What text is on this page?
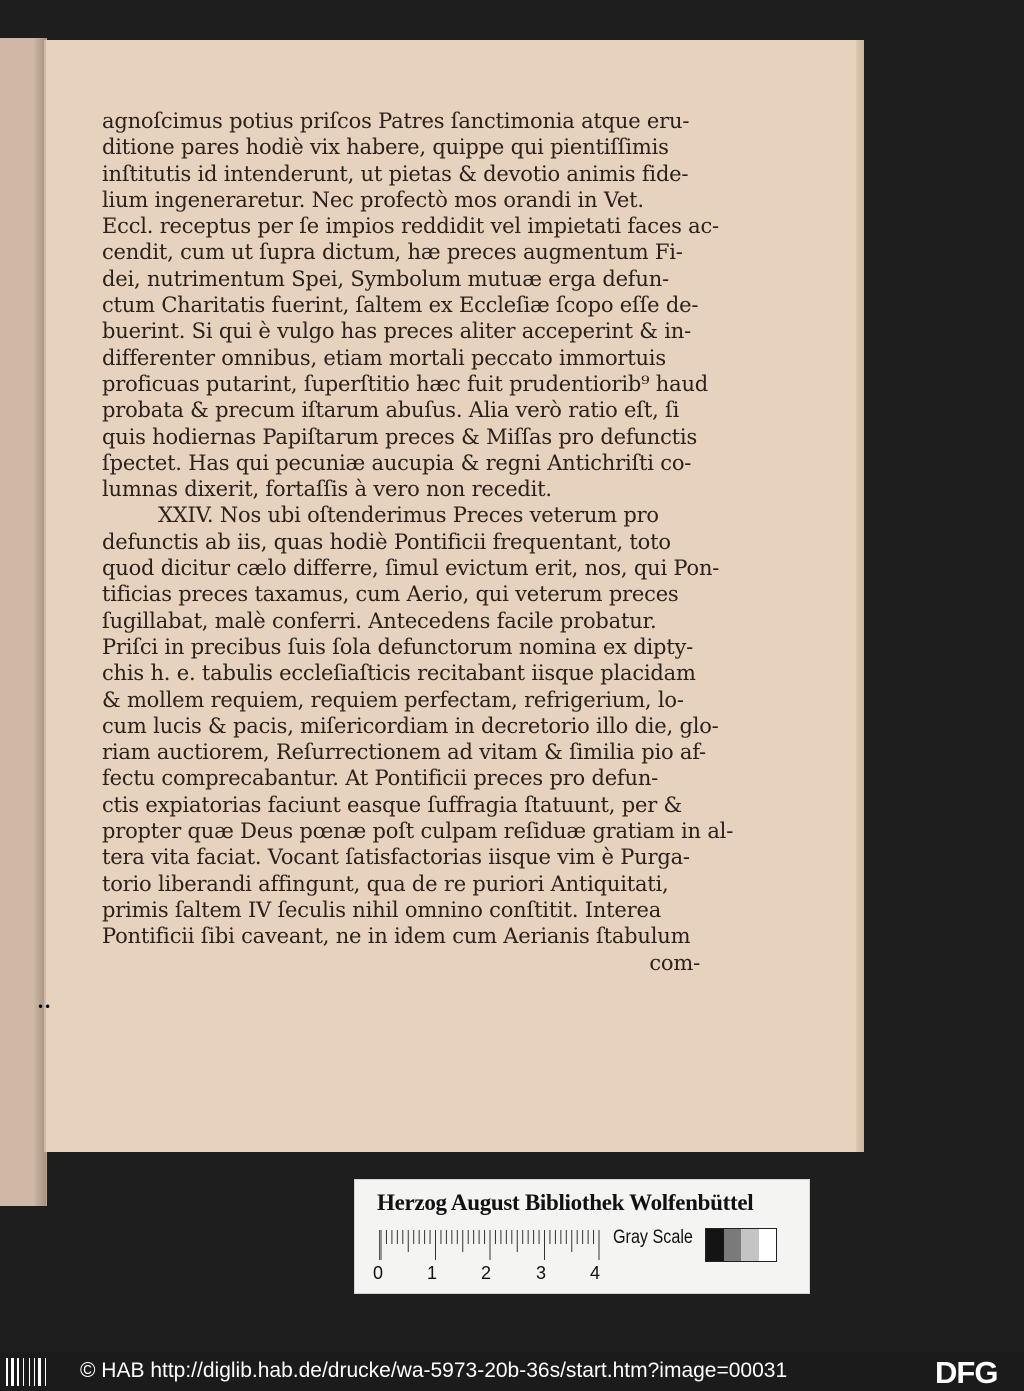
agnoſcimus potius priſcos Patres ſanctimonia atque eru-
ditione pares hodiè vix habere, quippe qui pientiſſimis
inſtitutis id intenderunt, ut pietas & devotio animis fide-
lium ingeneraretur. Nec profectò mos orandi in Vet.
Eccl. receptus per ſe impios reddidit vel impietati faces ac-
cendit, cum ut ſupra dictum, hæ preces augmentum Fi-
dei, nutrimentum Spei, Symbolum mutuæ erga defun-
ctum Charitatis fuerint, ſaltem ex Eccleſiæ ſcopo eſſe de-
buerint. Si qui è vulgo has preces aliter acceperint & in-
differenter omnibus, etiam mortali peccato immortuis
proficuas putarint, ſuperſtitio hæc fuit prudentiorib⁹ haud
probata & precum iſtarum abuſus. Alia verò ratio eſt, ſi
quis hodiernas Papiſtarum preces & Miſſas pro defunctis
ſpectet. Has qui pecuniæ aucupia & regni Antichriſti co-
lumnas dixerit, fortaſſis à vero non recedit.
XXIV. Nos ubi oſtenderimus Preces veterum pro
defunctis ab iis, quas hodiè Pontificii frequentant, toto
quod dicitur cælo differre, ſimul evictum erit, nos, qui Pon-
tificias preces taxamus, cum Aerio, qui veterum preces
ſugillabat, malè conferri. Antecedens facile probatur.
Priſci in precibus ſuis ſola defunctorum nomina ex dipty-
chis h. e. tabulis eccleſiaſticis recitabant iisque placidam
& mollem requiem, requiem perfectam, refrigerium, lo-
cum lucis & pacis, miſericordiam in decretorio illo die, glo-
riam auctiorem, Reſurrectionem ad vitam & ſimilia pio af-
fectu comprecabantur. At Pontificii preces pro defun-
ctis expiatorias faciunt easque ſuffragia ſtatuunt, per &
propter quæ Deus pœnæ poſt culpam reſiduæ gratiam in al-
tera vita faciat. Vocant ſatisfactorias iisque vim è Purga-
torio liberandi affingunt, qua de re puriori Antiquitati,
primis ſaltem IV ſeculis nihil omnino conſtitit. Interea
Pontificii ſibi caveant, ne in idem cum Aerianis ſtabulum
com-
••
Herzog August Bibliothek Wolfenbüttel
0 1 2 3 4
Gray Scale
© HAB http://diglib.hab.de/drucke/wa-5973-20b-36s/start.htm?image=00031	DFG
